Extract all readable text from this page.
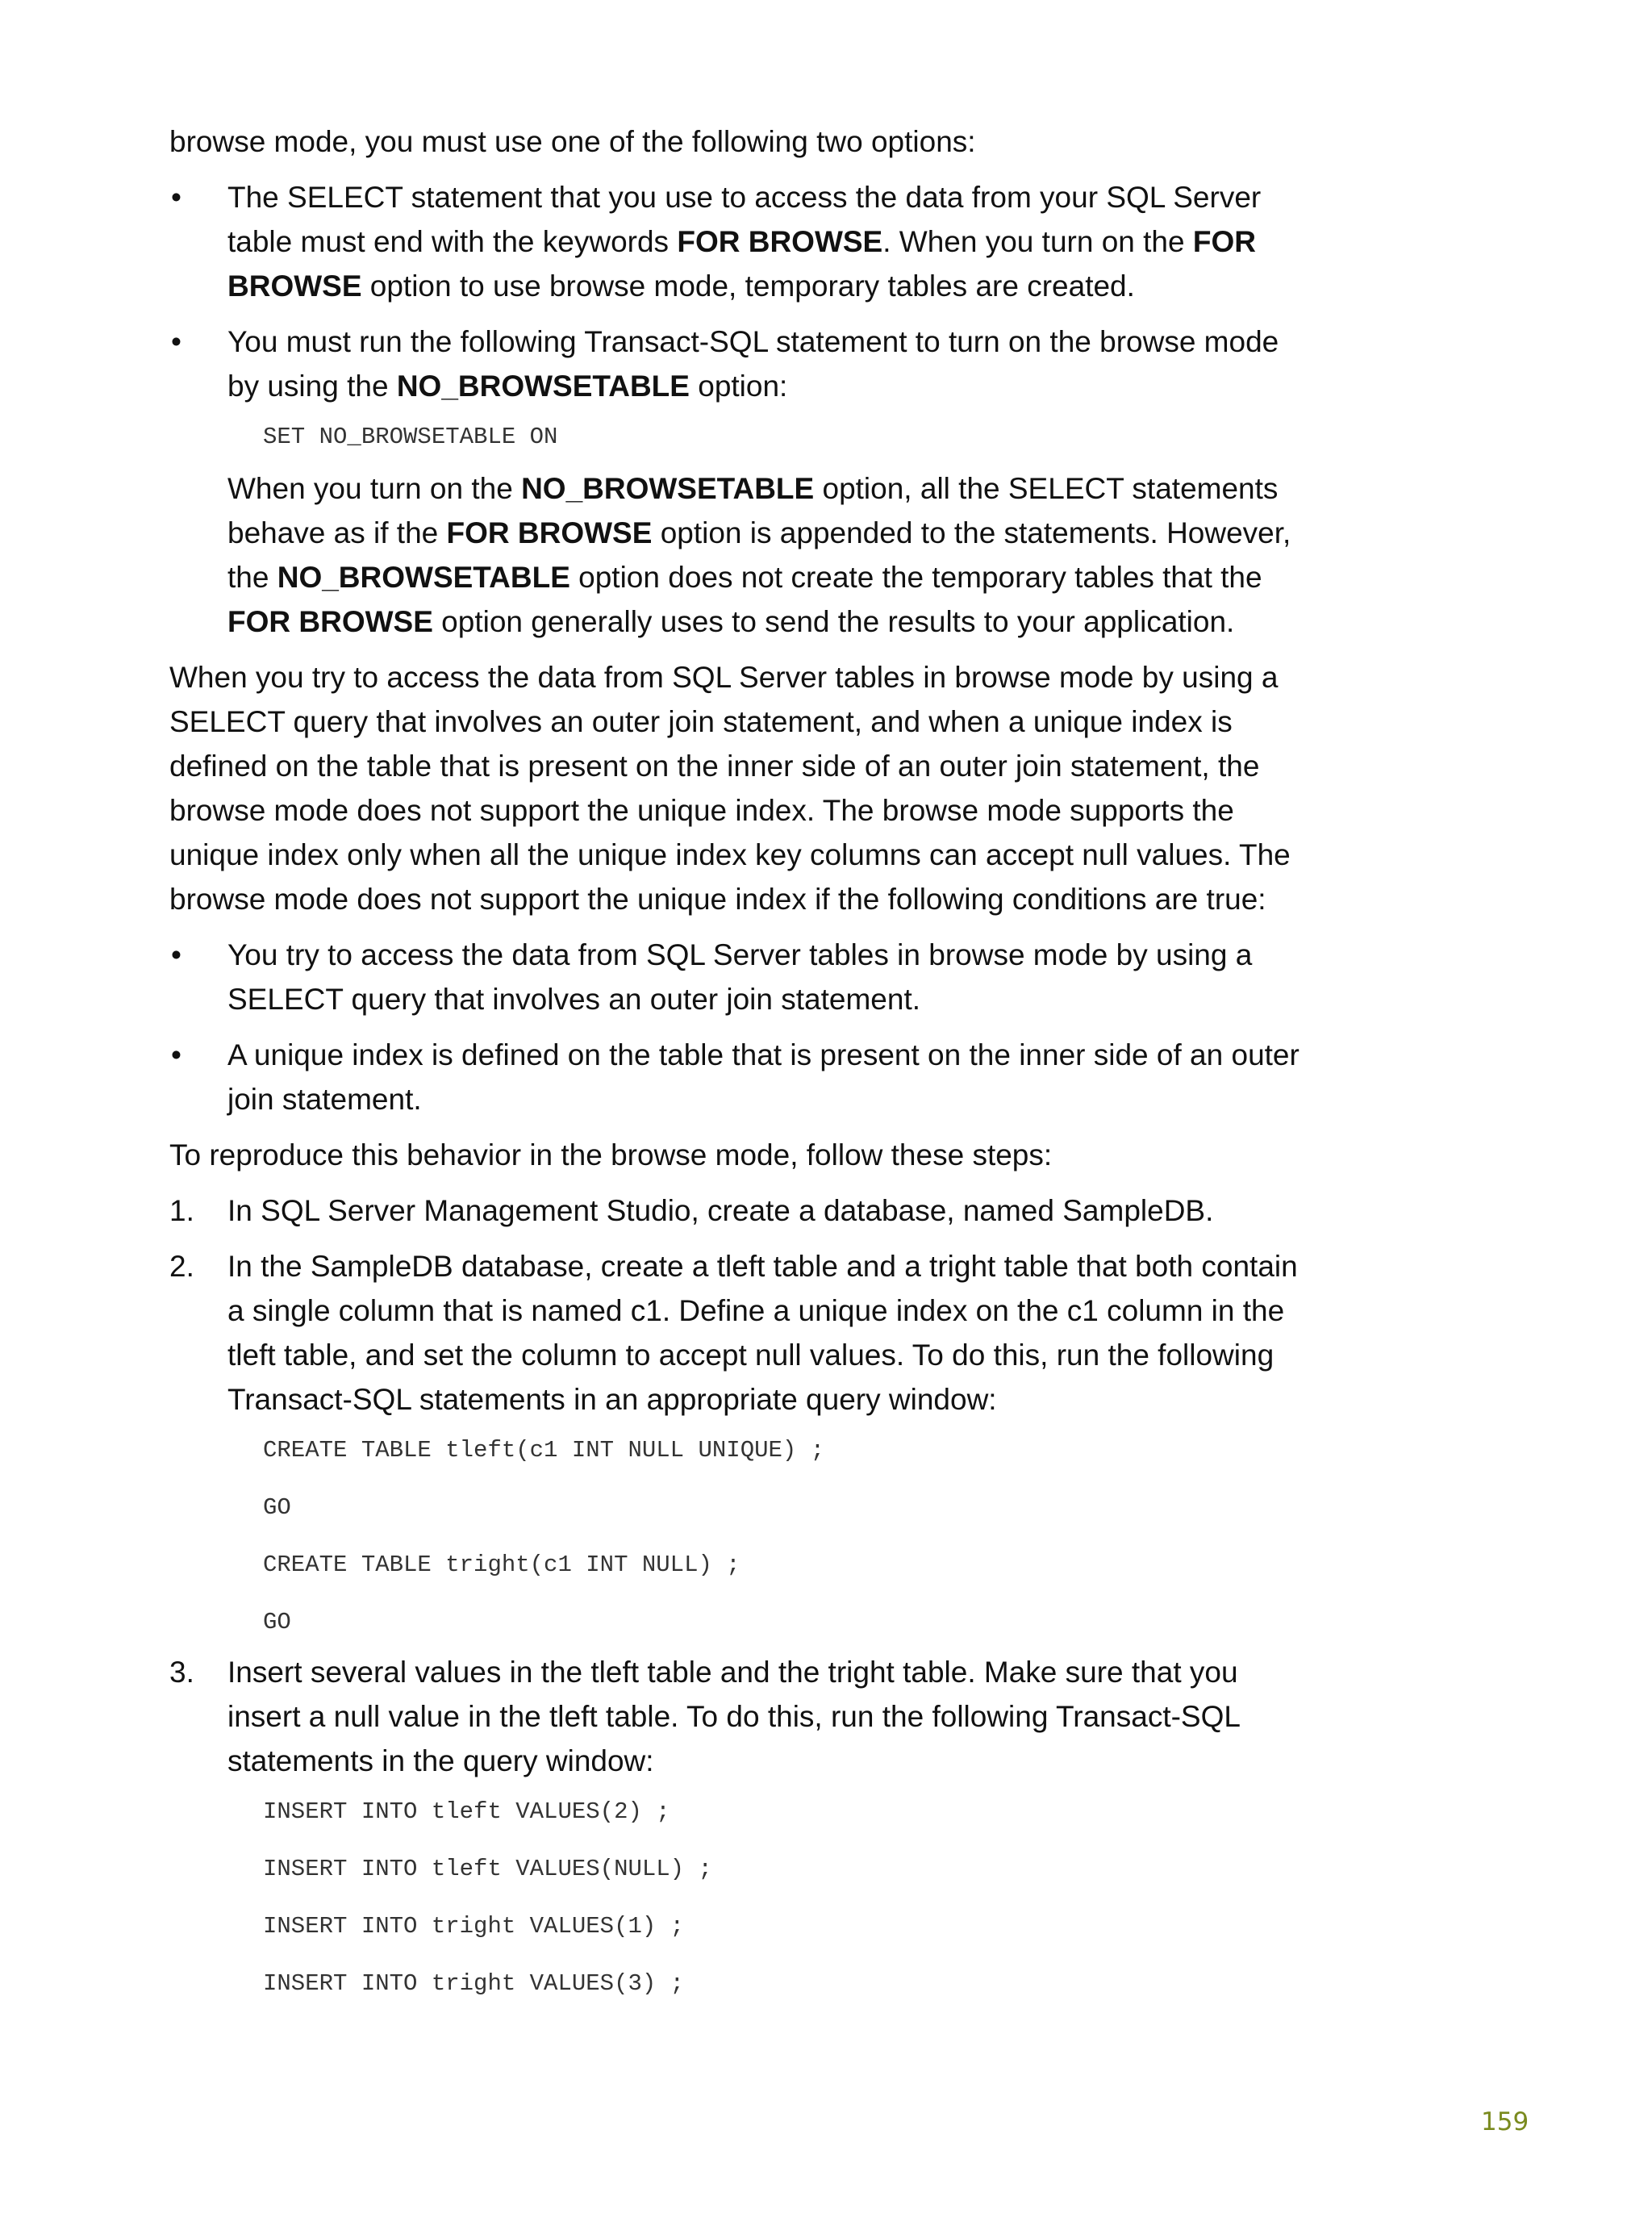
browse mode, you must use one of the following two options:

•	The SELECT statement that you use to access the data from your SQL Server table must end with the keywords FOR BROWSE. When you turn on the FOR BROWSE option to use browse mode, temporary tables are created.
•	You must run the following Transact-SQL statement to turn on the browse mode by using the NO_BROWSETABLE option:

SET NO_BROWSETABLE ON

When you turn on the NO_BROWSETABLE option, all the SELECT statements behave as if the FOR BROWSE option is appended to the statements. However, the NO_BROWSETABLE option does not create the temporary tables that the FOR BROWSE option generally uses to send the results to your application.

When you try to access the data from SQL Server tables in browse mode by using a SELECT query that involves an outer join statement, and when a unique index is defined on the table that is present on the inner side of an outer join statement, the browse mode does not support the unique index. The browse mode supports the unique index only when all the unique index key columns can accept null values. The browse mode does not support the unique index if the following conditions are true:

•	You try to access the data from SQL Server tables in browse mode by using a SELECT query that involves an outer join statement.
•	A unique index is defined on the table that is present on the inner side of an outer join statement.

To reproduce this behavior in the browse mode, follow these steps:

1.	In SQL Server Management Studio, create a database, named SampleDB.
2.	In the SampleDB database, create a tleft table and a tright table that both contain a single column that is named c1. Define a unique index on the c1 column in the tleft table, and set the column to accept null values. To do this, run the following Transact-SQL statements in an appropriate query window:

CREATE TABLE tleft(c1 INT NULL UNIQUE) ;

GO

CREATE TABLE tright(c1 INT NULL) ;

GO

3.	Insert several values in the tleft table and the tright table. Make sure that you insert a null value in the tleft table. To do this, run the following Transact-SQL statements in the query window:

INSERT INTO tleft VALUES(2) ;

INSERT INTO tleft VALUES(NULL) ;

INSERT INTO tright VALUES(1) ;

INSERT INTO tright VALUES(3) ;

159
